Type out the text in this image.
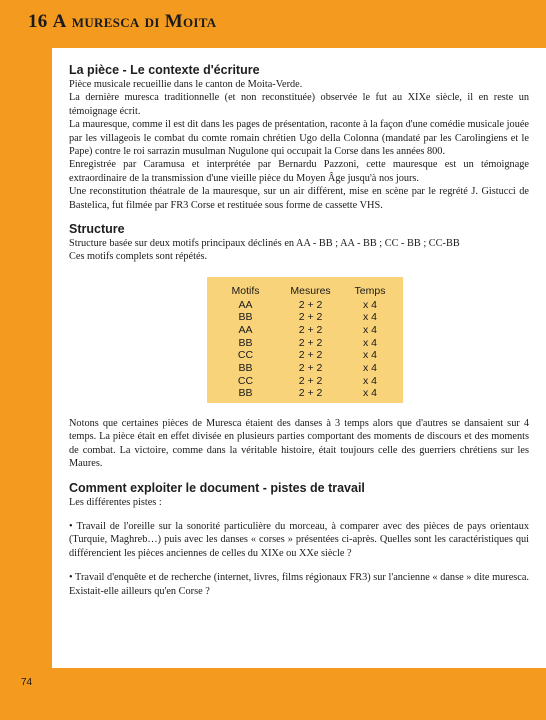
16 A muresca di Moita
La pièce - Le contexte d'écriture

Pièce musicale recueillie dans le canton de Moita-Verde.

La dernière muresca traditionnelle (et non reconstituée) observée le fut au XIXe siècle, il en reste un témoignage écrit.

La mauresque, comme il est dit dans les pages de présentation, raconte à la façon d'une comédie musicale jouée par les villageois le combat du comte romain chrétien Ugo della Colonna (mandaté par les Carolingiens et le Pape) contre le roi sarrazin musulman Nugulone qui occupait la Corse dans les années 800.

Enregistrée par Caramusa et interprétée par Bernardu Pazzoni, cette mauresque est un témoignage extraordinaire de la transmission d'une vieille pièce du Moyen Âge jusqu'à nos jours.

Une reconstitution théatrale de la mauresque, sur un air différent, mise en scène par le regrété J. Gistucci de Bastelica, fut filmée par FR3 Corse et restituée sous forme de cassette VHS.

Structure

Structure basée sur deux motifs principaux déclinés en AA - BB ; AA - BB ; CC - BB ; CC-BB

Ces motifs complets sont répétés.

Motifs	Mesures	Temps
AA	2 + 2	x 4
BB	2 + 2	x 4
AA	2 + 2	x 4
BB	2 + 2	x 4
CC	2 + 2	x 4
BB	2 + 2	x 4
CC	2 + 2	x 4
BB	2 + 2	x 4

Notons que certaines pièces de Muresca étaient des danses à 3 temps alors que d'autres se dansaient sur 4 temps. La pièce était en effet divisée en plusieurs parties comportant des moments de discours et des moments de combat. La victoire, comme dans la véritable histoire, était toujours celle des guerriers chrétiens sur les Maures.

Comment exploiter le document - pistes de travail

Les différentes pistes :

• Travail de l'oreille sur la sonorité particulière du morceau, à comparer avec des pièces de pays orientaux (Turquie, Maghreb…) puis avec les danses « corses » présentées ci-après. Quelles sont les caractéristiques qui différencient les pièces anciennes de celles du XIXe ou XXe siècle ?

• Travail d'enquête et de recherche (internet, livres, films régionaux FR3) sur l'ancienne « danse » dite muresca. Existait-elle ailleurs qu'en Corse ?

74
